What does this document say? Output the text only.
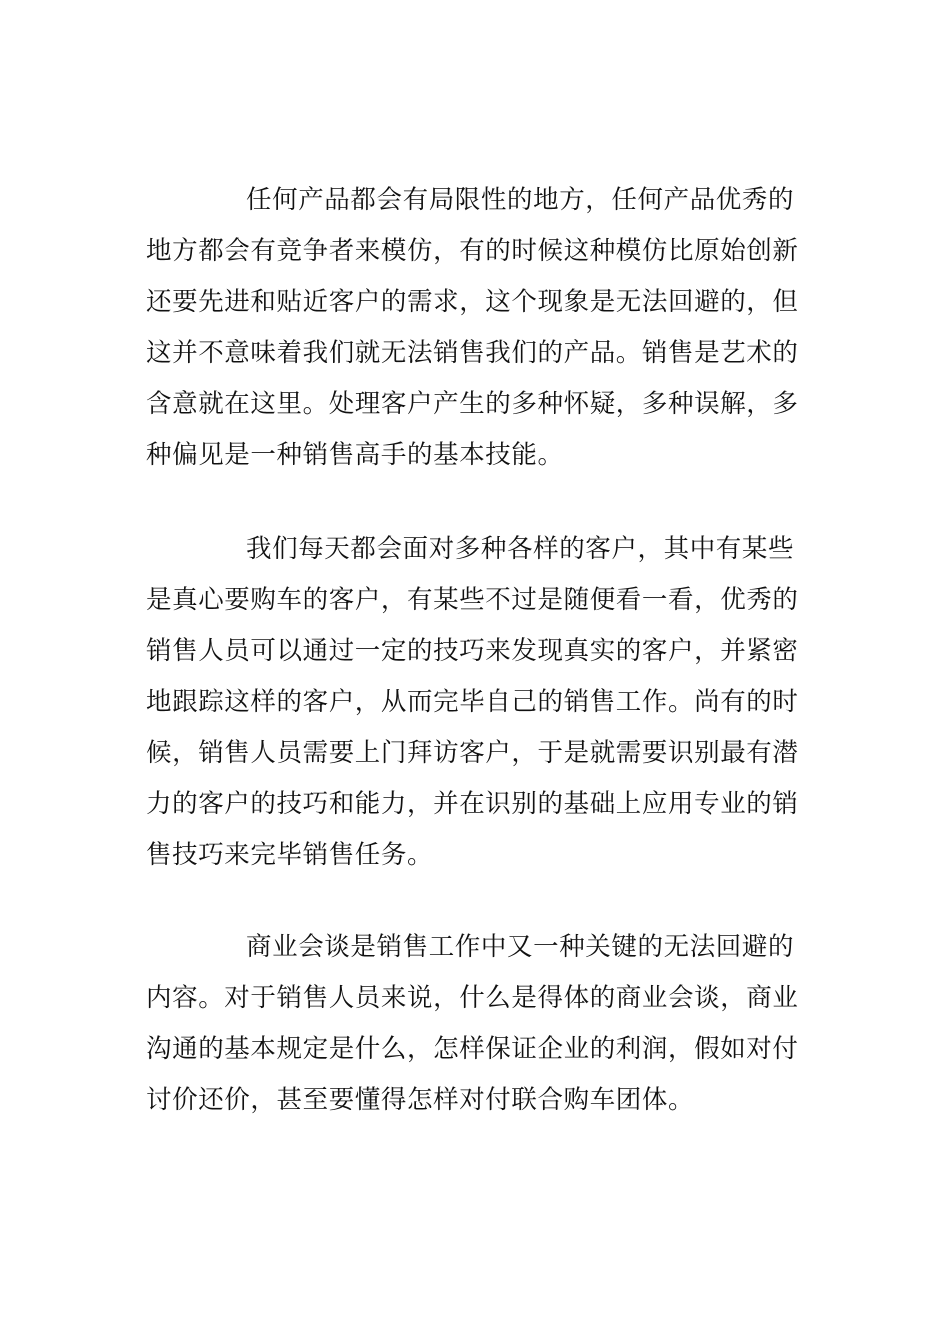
任何产品都会有局限性的地方，任何产品优秀的
地方都会有竞争者来模仿，有的时候这种模仿比原始创新
还要先进和贴近客户的需求，这个现象是无法回避的，但
这并不意味着我们就无法销售我们的产品。销售是艺术的
含意就在这里。处理客户产生的多种怀疑，多种误解，多
种偏见是一种销售高手的基本技能。
我们每天都会面对多种各样的客户，其中有某些
是真心要购车的客户，有某些不过是随便看一看，优秀的
销售人员可以通过一定的技巧来发现真实的客户，并紧密
地跟踪这样的客户，从而完毕自己的销售工作。尚有的时
候，销售人员需要上门拜访客户，于是就需要识别最有潜
力的客户的技巧和能力，并在识别的基础上应用专业的销
售技巧来完毕销售任务。
商业会谈是销售工作中又一种关键的无法回避的
内容。对于销售人员来说，什么是得体的商业会谈，商业
沟通的基本规定是什么，怎样保证企业的利润，假如对付
讨价还价，甚至要懂得怎样对付联合购车团体。
